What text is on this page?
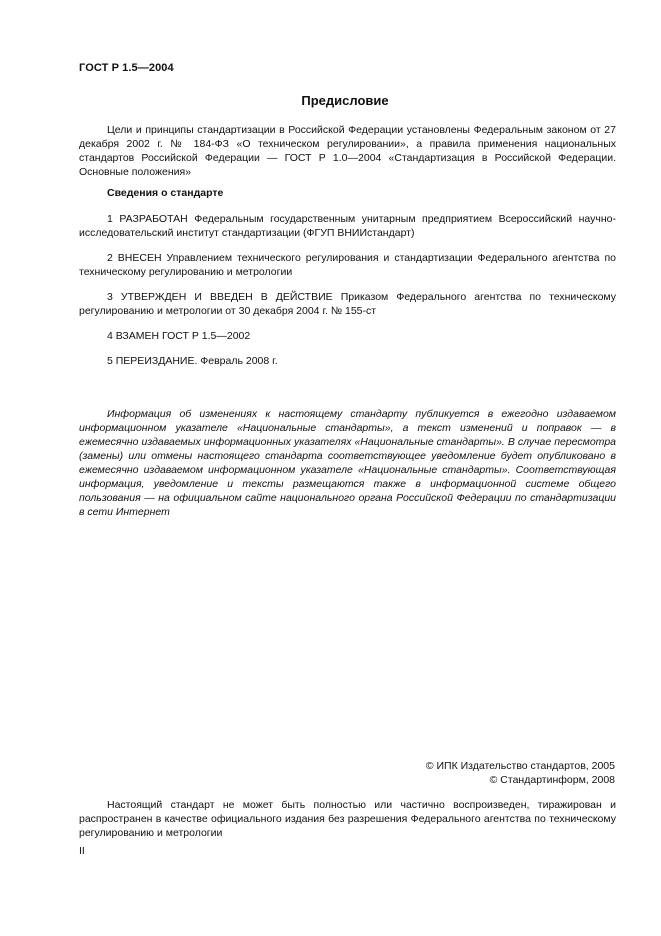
ГОСТ Р 1.5—2004
Предисловие

Цели и принципы стандартизации в Российской Федерации установлены Федеральным законом от 27 декабря 2002 г. № 184-ФЗ «О техническом регулировании», а правила применения национальных стандартов Российской Федерации — ГОСТ Р 1.0—2004 «Стандартизация в Российской Федерации. Основные положения»

Сведения о стандарте

1 РАЗРАБОТАН Федеральным государственным унитарным предприятием Всероссийский научно-исследовательский институт стандартизации (ФГУП ВНИИстандарт)

2 ВНЕСЕН Управлением технического регулирования и стандартизации Федерального агентства по техническому регулированию и метрологии

3 УТВЕРЖДЕН И ВВЕДЕН В ДЕЙСТВИЕ Приказом Федерального агентства по техническому регулированию и метрологии от 30 декабря 2004 г. № 155-ст

4 ВЗАМЕН ГОСТ Р 1.5—2002

5 ПЕРЕИЗДАНИЕ. Февраль 2008 г.

Информация об изменениях к настоящему стандарту публикуется в ежегодно издаваемом информационном указателе «Национальные стандарты», а текст изменений и поправок — в ежемесячно издаваемых информационных указателях «Национальные стандарты». В случае пересмотра (замены) или отмены настоящего стандарта соответствующее уведомление будет опубликовано в ежемесячно издаваемом информационном указателе «Национальные стандарты». Соответствующая информация, уведомление и тексты размещаются также в информационной системе общего пользования — на официальном сайте национального органа Российской Федерации по стандартизации в сети Интернет

© ИПК Издательство стандартов, 2005
© Стандартинформ, 2008

Настоящий стандарт не может быть полностью или частично воспроизведен, тиражирован и распространен в качестве официального издания без разрешения Федерального агентства по техническому регулированию и метрологии

II
